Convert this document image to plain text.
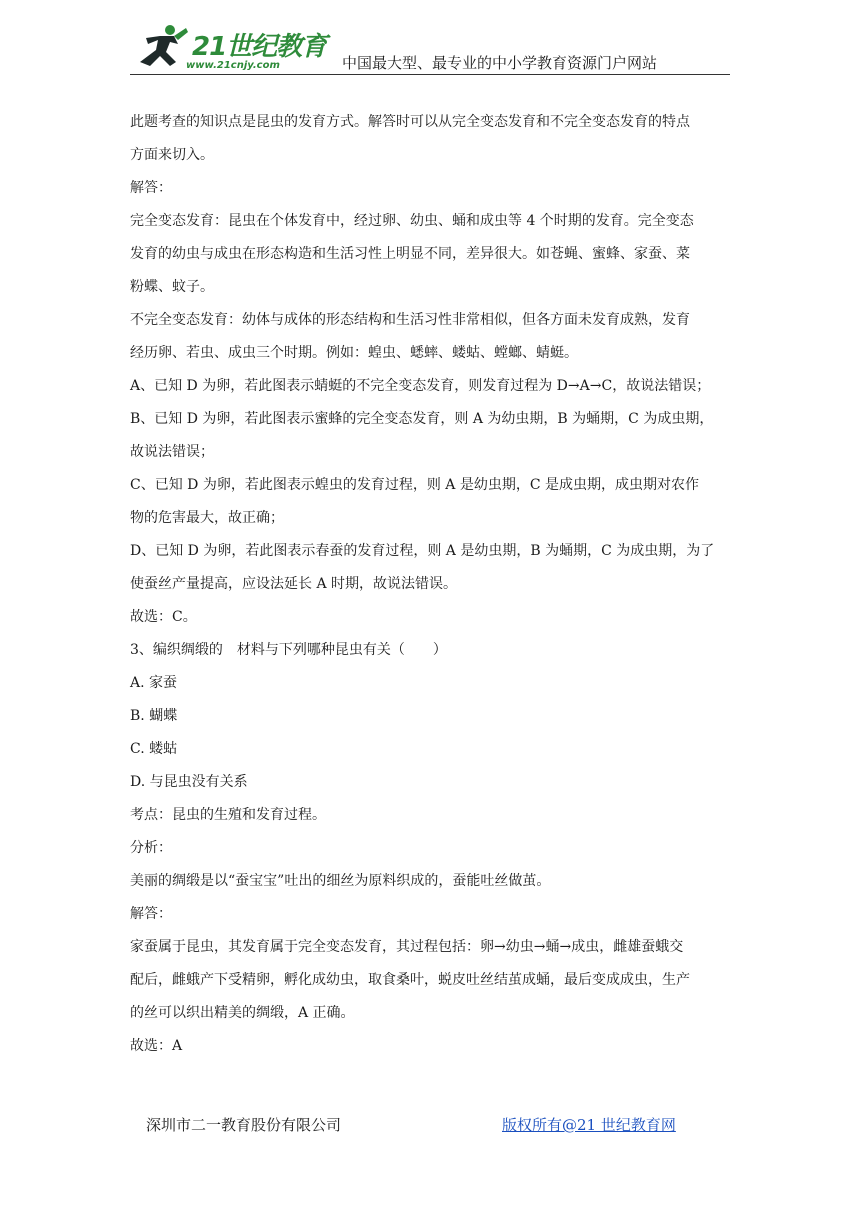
21世纪教育
www.21cnjy.com	中国最大型、最专业的中小学教育资源门户网站

此题考查的知识点是昆虫的发育方式。解答时可以从完全变态发育和不完全变态发育的特点

方面来切入。

解答：

完全变态发育：昆虫在个体发育中，经过卵、幼虫、蛹和成虫等 4 个时期的发育。完全变态

发育的幼虫与成虫在形态构造和生活习性上明显不同，差异很大。如苍蝇、蜜蜂、家蚕、菜

粉蝶、蚊子。

不完全变态发育：幼体与成体的形态结构和生活习性非常相似，但各方面未发育成熟，发育

经历卵、若虫、成虫三个时期。例如：蝗虫、蟋蟀、蝼蛄、螳螂、蜻蜓。

A、已知 D 为卵，若此图表示蜻蜓的不完全变态发育，则发育过程为 D→A→C，故说法错误；

B、已知 D 为卵，若此图表示蜜蜂的完全变态发育，则 A 为幼虫期，B 为蛹期，C 为成虫期，

故说法错误；

C、已知 D 为卵，若此图表示蝗虫的发育过程，则 A 是幼虫期，C 是成虫期，成虫期对农作

物的危害最大，故正确；

D、已知 D 为卵，若此图表示春蚕的发育过程，则 A 是幼虫期，B 为蛹期，C 为成虫期，为了

使蚕丝产量提高，应设法延长 A 时期，故说法错误。

故选：C。

3、编织绸缎的　材料与下列哪种昆虫有关（　　）

A. 家蚕

B. 蝴蝶

C. 蝼蛄

D. 与昆虫没有关系

考点：昆虫的生殖和发育过程。

分析：

美丽的绸缎是以“蚕宝宝”吐出的细丝为原料织成的，蚕能吐丝做茧。

解答：

家蚕属于昆虫，其发育属于完全变态发育，其过程包括：卵→幼虫→蛹→成虫，雌雄蚕蛾交

配后，雌蛾产下受精卵，孵化成幼虫，取食桑叶，蜕皮吐丝结茧成蛹，最后变成成虫，生产

的丝可以织出精美的绸缎，A 正确。

故选：A

深圳市二一教育股份有限公司	版权所有@21 世纪教育网
